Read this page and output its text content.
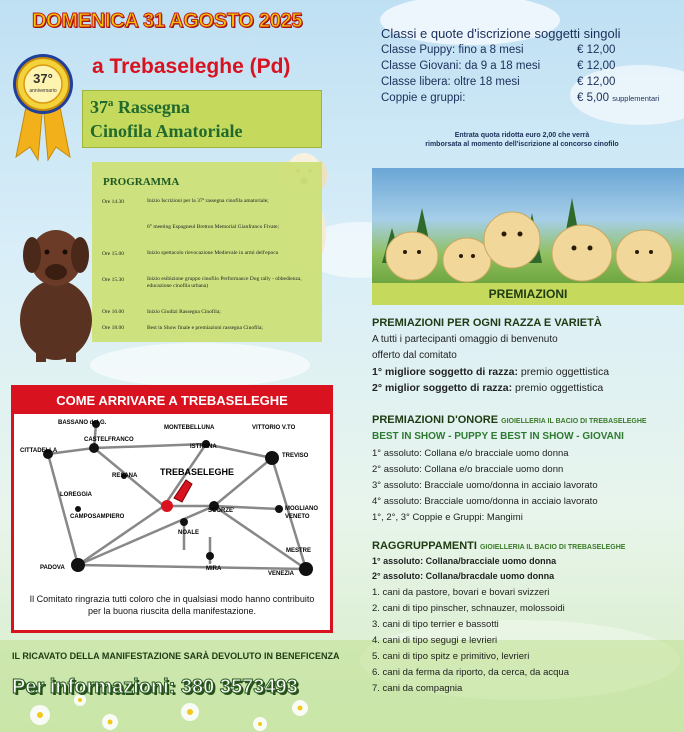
DOMENICA 31 AGOSTO 2025
a Trebaseleghe (Pd)
37°
anniversario
37ª Rassegna
Cinofila Amatoriale
PROGRAMMA
Ore 14.30	Inizio Iscrizioni per la 37ª rassegna cinofila amatoriale;
6° meeting Espagneul Bretton Memorial Gianfranco Fivate;
Ore 15.00	Inizio spettacolo rievocazione Medievale in armi dell'epoca
Ore 15.30	Inizio esibizione gruppo cinofilo Performance Dog rally - obbedienza, educazione cinofila urbana)
Ore 16.00	Inizio Giudizi Rassegna Cinofila;
Ore 18.00	Best in Show finale e premiazioni rassegna Cinofila;
COME ARRIVARE A TREBASELEGHE
BASSANO del G.
CASTELFRANCO
MONTEBELLUNA	VITTORIO V.TO
CITTADELLA
ISTRANA
TREVISO
RESANA	TREBASELEGHE
LOREGGIA
CAMPOSAMPIERO
SCORZE'	MOGLIANO VENETO
NOALE
MESTRE
PADOVA	MIRA
VENEZIA
Il Comitato ringrazia tutti coloro che in qualsiasi modo hanno contribuito per la buona riuscita della manifestazione.
IL RICAVATO DELLA MANIFESTAZIONE SARÀ DEVOLUTO IN BENEFICENZA
Per informazioni: 380 3573493
Classi e quote d'iscrizione soggetti singoli
Classe Puppy: fino a 8 mesi	€ 12,00
Classe Giovani: da 9 a 18 mesi	€ 12,00
Classe libera: oltre 18 mesi	€ 12,00
Coppie e gruppi:	€ 5,00 supplementari
Entrata quota ridotta euro 2,00 che verrà
rimborsata al momento dell'iscrizione al concorso cinofilo
PREMIAZIONI
PREMIAZIONI PER OGNI RAZZA E VARIETÀ
A tutti i partecipanti omaggio di benvenuto
offerto dal comitato
1° migliore soggetto di razza: premio oggettistica
2° miglior soggetto di razza: premio oggettistica
PREMIAZIONI D'ONORE GIOIELLERIA IL BACIO DI TREBASELEGHE
BEST IN SHOW - PUPPY E BEST IN SHOW - GIOVANI
1° assoluto: Collana e/o bracciale uomo donna
2° assoluto: Collana e/o bracciale uomo donn
3° assoluto: Bracciale uomo/donna in acciaio lavorato
4° assoluto: Bracciale uomo/donna in acciaio lavorato
1°, 2°, 3° Coppie e Gruppi: Mangimi
RAGGRUPPAMENTI GIOIELLERIA IL BACIO DI TREBASELEGHE
1° assoluto: Collana/bracciale uomo donna
2° assoluto: Collana/bracdale uomo donna
1. cani da pastore, bovari e bovari svizzeri
2. cani di tipo pinscher, schnauzer, molossoidi
3. cani di tipo terrier e bassotti
4. cani di tipo segugi e levrieri
5. cani di tipo spitz e primitivo, levrieri
6. cani da ferma da riporto, da cerca, da acqua
7. cani da compagnia
